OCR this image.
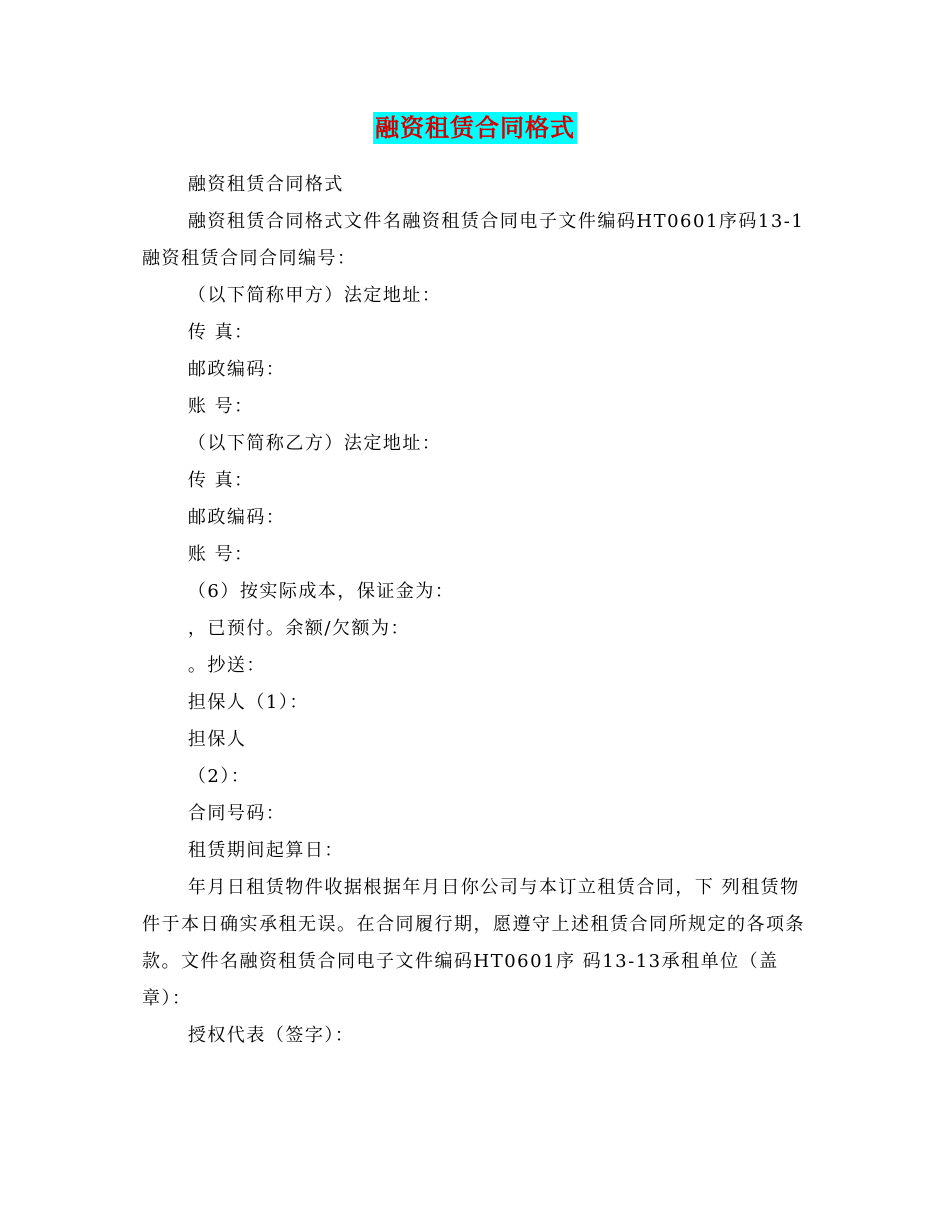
融资租赁合同格式

融资租赁合同格式

融资租赁合同格式文件名融资租赁合同电子文件编码HT0601序码13-1融资租赁合同合同编号：

（以下简称甲方）法定地址：

传 真：

邮政编码：

账 号：

（以下简称乙方）法定地址：

传 真：

邮政编码：

账 号：

（6）按实际成本，保证金为：

，已预付。余额/欠额为：

。抄送：

担保人（1）：

担保人

（2）：

合同号码：

租赁期间起算日：

年月日租赁物件收据根据年月日你公司与本订立租赁合同，下 列租赁物件于本日确实承租无误。在合同履行期，愿遵守上述租赁合同所规定的各项条款。文件名融资租赁合同电子文件编码HT0601序 码13-13承租单位（盖章）：

授权代表（签字）：
